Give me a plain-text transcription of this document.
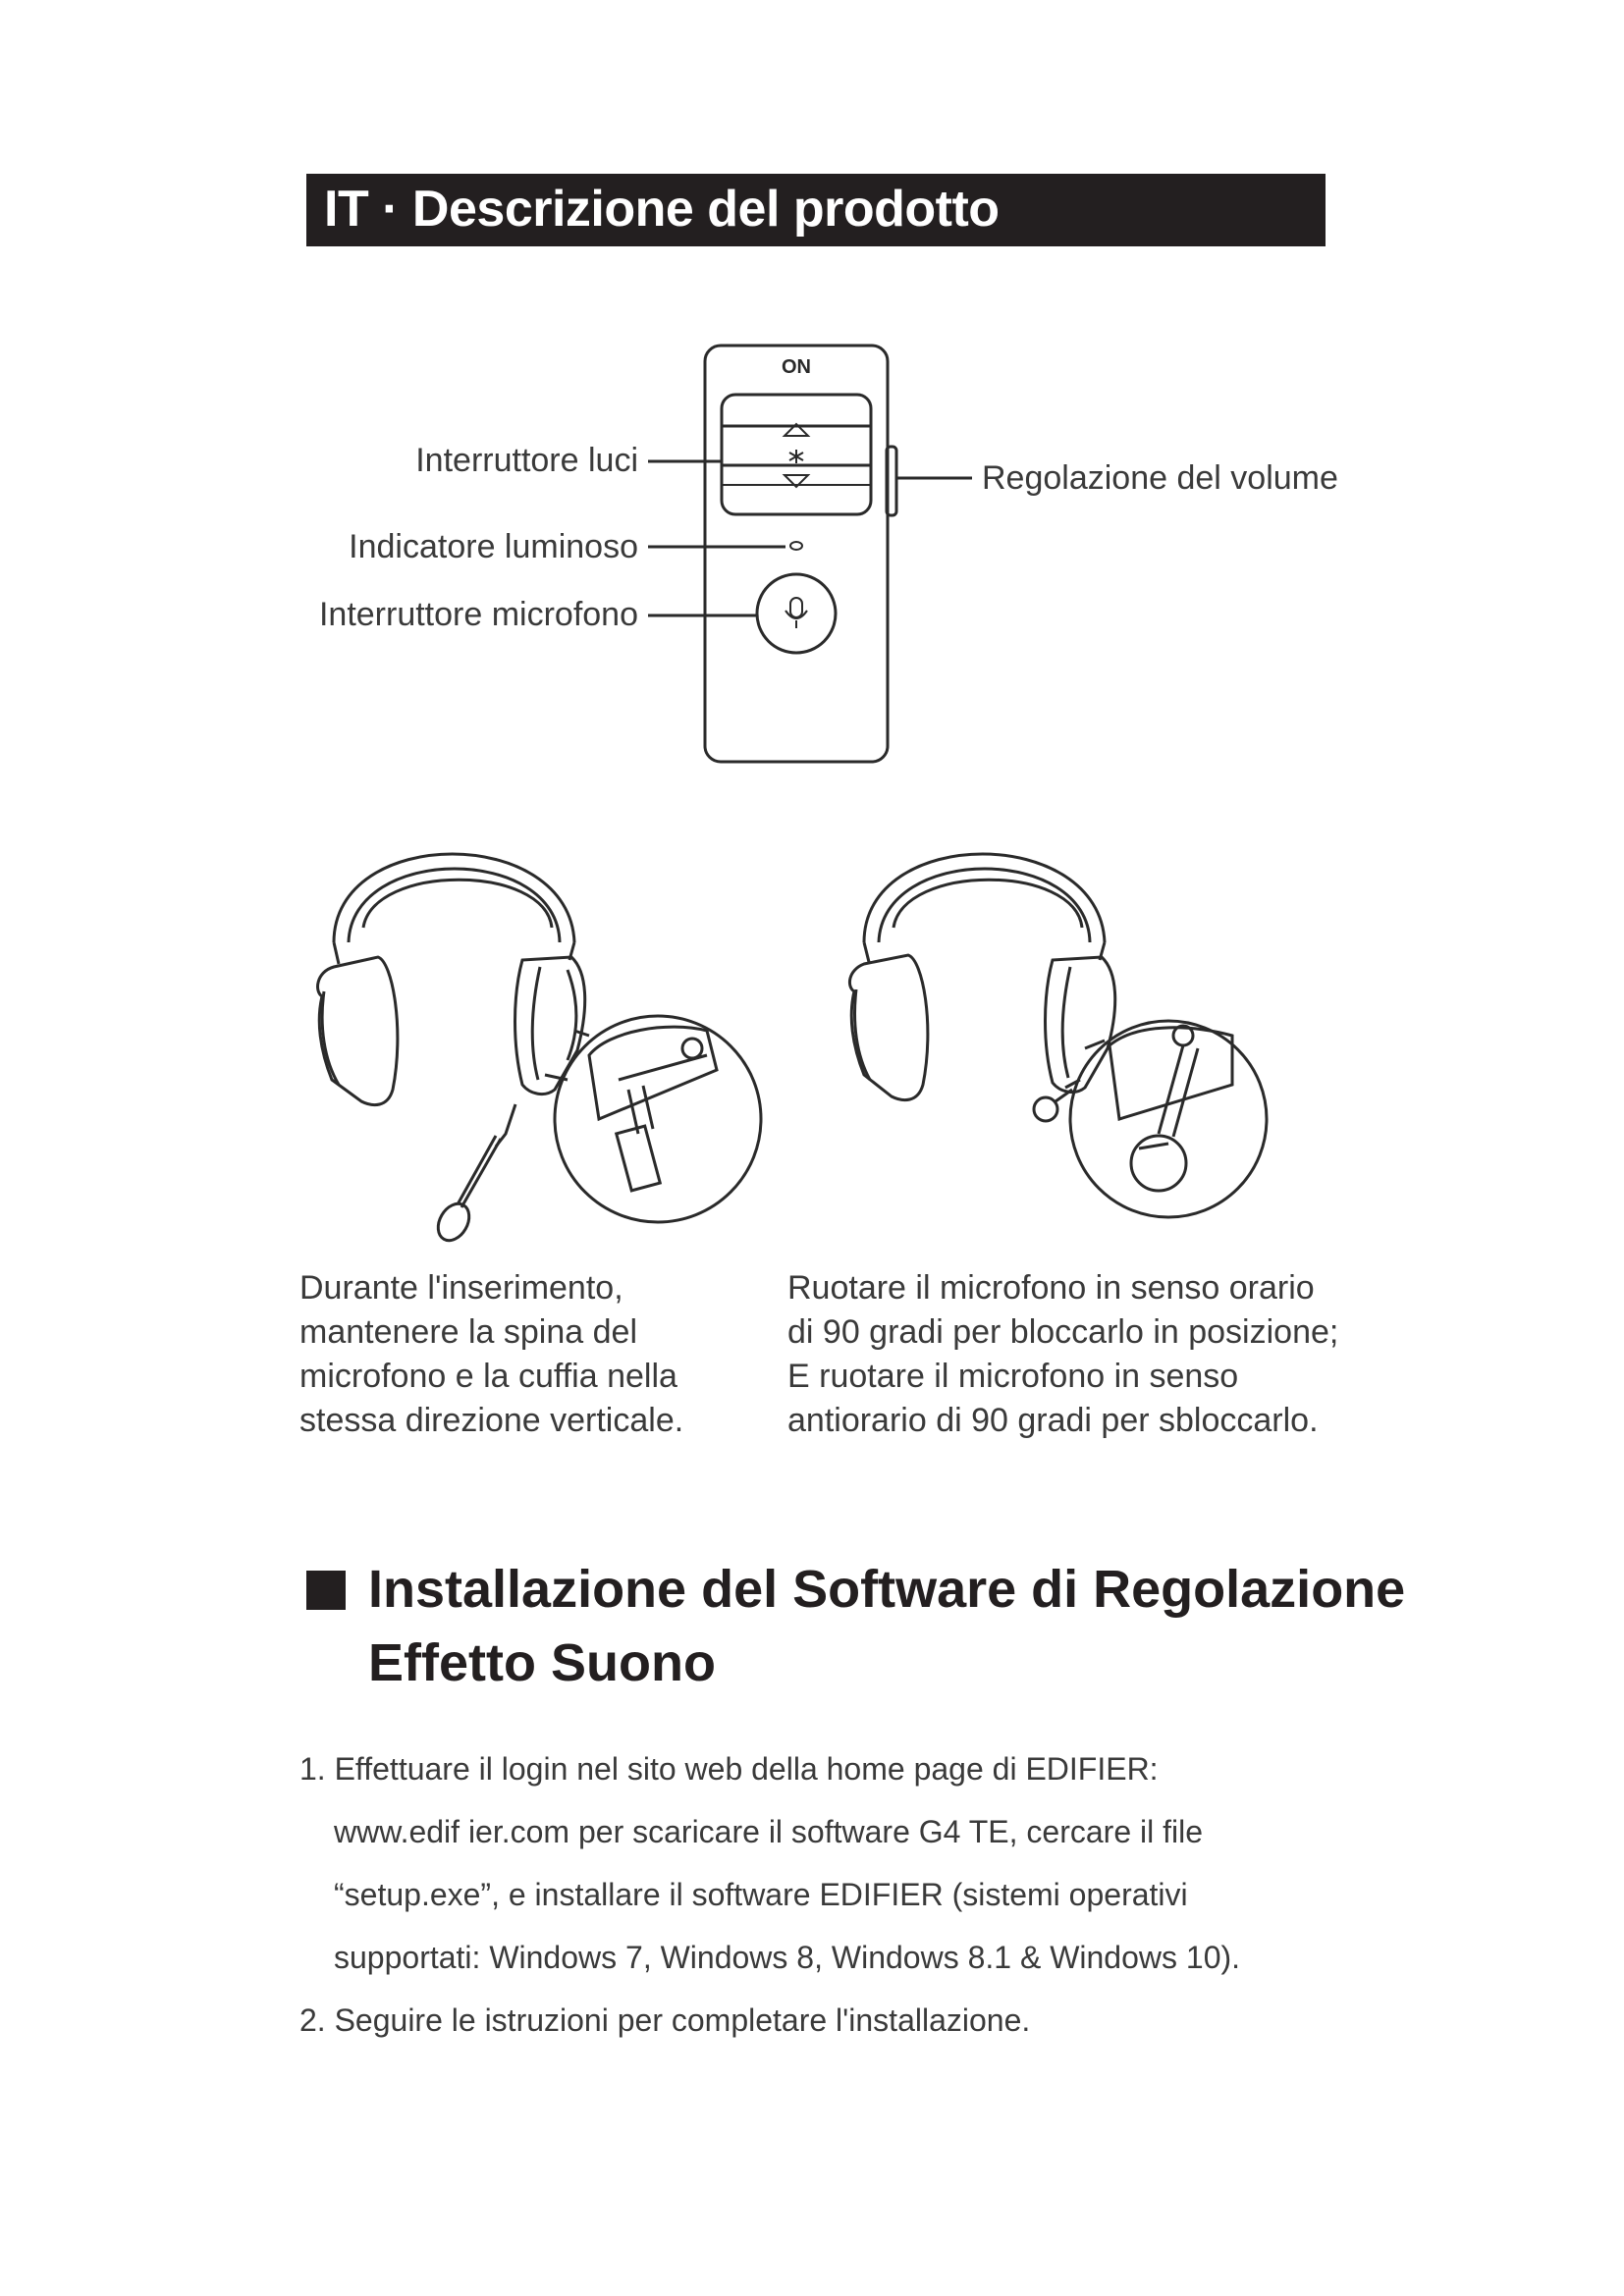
IT · Descrizione del prodotto
ON
Interruttore luci
Indicatore luminoso
Interruttore microfono
Regolazione del volume
Durante l'inserimento,
mantenere la spina del
microfono e la cuffia nella
stessa direzione verticale.
Ruotare il microfono in senso orario
di 90 gradi per bloccarlo in posizione;
E ruotare il microfono in senso
antiorario di 90 gradi per sbloccarlo.
Installazione del Software di Regolazione
Effetto Suono
1. Effettuare il login nel sito web della home page di EDIFIER:
www.edif ier.com per scaricare il software G4 TE, cercare il file
“setup.exe”, e installare il software EDIFIER (sistemi operativi
supportati: Windows 7, Windows 8, Windows 8.1 & Windows 10).
2. Seguire le istruzioni per completare l'installazione.
